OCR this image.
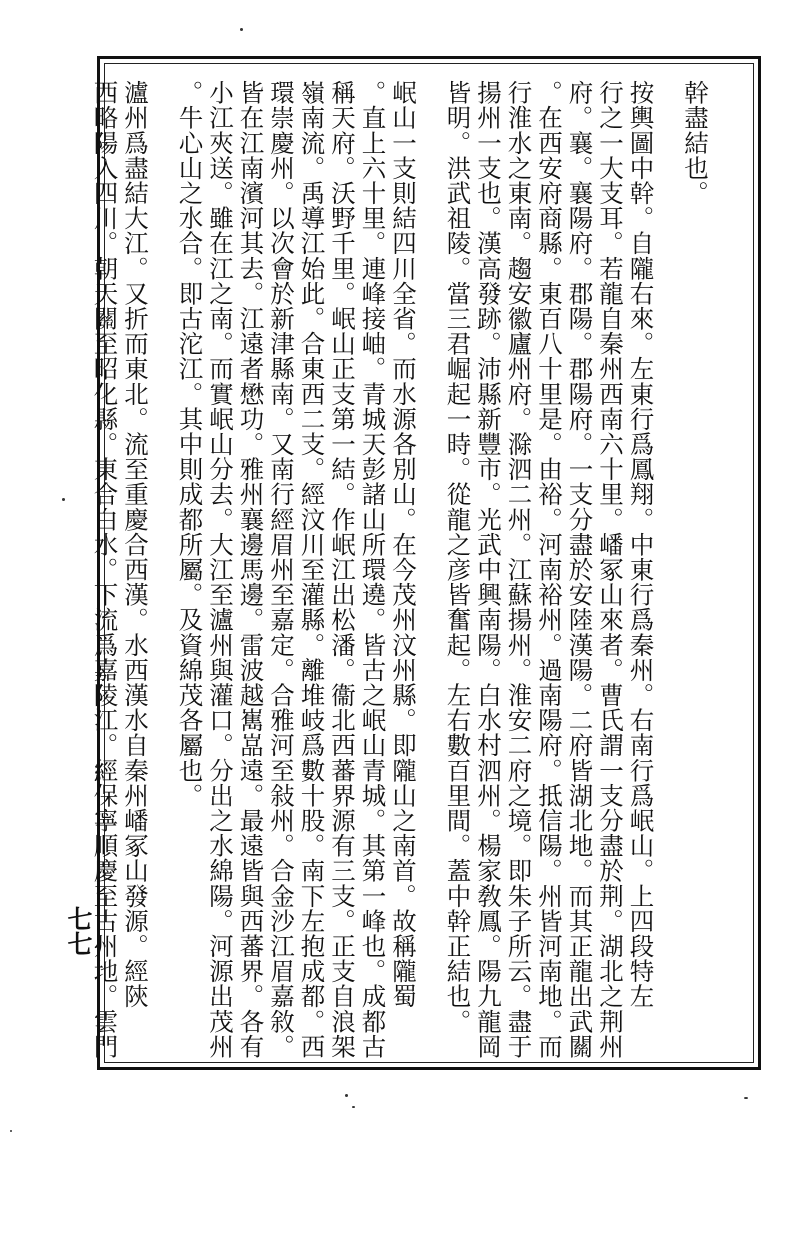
幹盡結也。
按輿圖中幹。自隴右來。左東行爲鳳翔。中東行爲秦州。右南行爲岷山。上四段特左
行之一大支耳。若龍自秦州西南六十里。嶓冢山來者。曹氏謂一支分盡於荆。湖北之荆州
府。襄。襄陽府。郡陽。郡陽府。一支分盡於安陸漢陽。二府皆湖北地。而其正龍出武關
。在西安府商縣。東百八十里是。由裕。河南裕州。過南陽府。抵信陽。州皆河南地。而
行淮水之東南。趨安徽廬州府。滁泗二州。江蘇揚州。淮安二府之境。即朱子所云。盡于
揚州一支也。漢高發跡。沛縣新豐市。光武中興南陽。白水村泗州。楊家敎鳳。陽九龍岡
皆明。洪武祖陵。當三君崛起一時。從龍之彦皆奮起。左右數百里間。蓋中幹正結也。
岷山一支則結四川全省。而水源各別山。在今茂州汶州縣。即隴山之南首。故稱隴蜀
。直上六十里。連峰接岫。青城天彭諸山所環遶。皆古之岷山青城。其第一峰也。成都古
稱天府。沃野千里。岷山正支第一結。作岷江出松潘。衞北西蕃界源有三支。正支自浪架
嶺南流。禹導江始此。合東西二支。經汶川至灌縣。離堆岐爲數十股。南下左抱成都。西
環崇慶州。以次會於新津縣南。又南行經眉州至嘉定。合雅河至敍州。合金沙江眉嘉敘。
皆在江南濱河其去。江遠者懋功。雅州襄邊馬邊。雷波越嶲嵓遠。最遠皆與西蕃界。各有
小江夾送。雖在江之南。而實岷山分去。大江至瀘州與灌口。分出之水綿陽。河源出茂州
。牛心山之水合。即古沱江。其中則成都所屬。及資綿茂各屬也。
瀘州爲盡結大江。又折而東北。流至重慶合西漢。水西漢水自秦州嶓冢山發源。經陝
西略陽入四川。朝天關至昭化縣。東合白水。下流爲嘉陵江。經保寧順慶至古州地。雲門
七七
